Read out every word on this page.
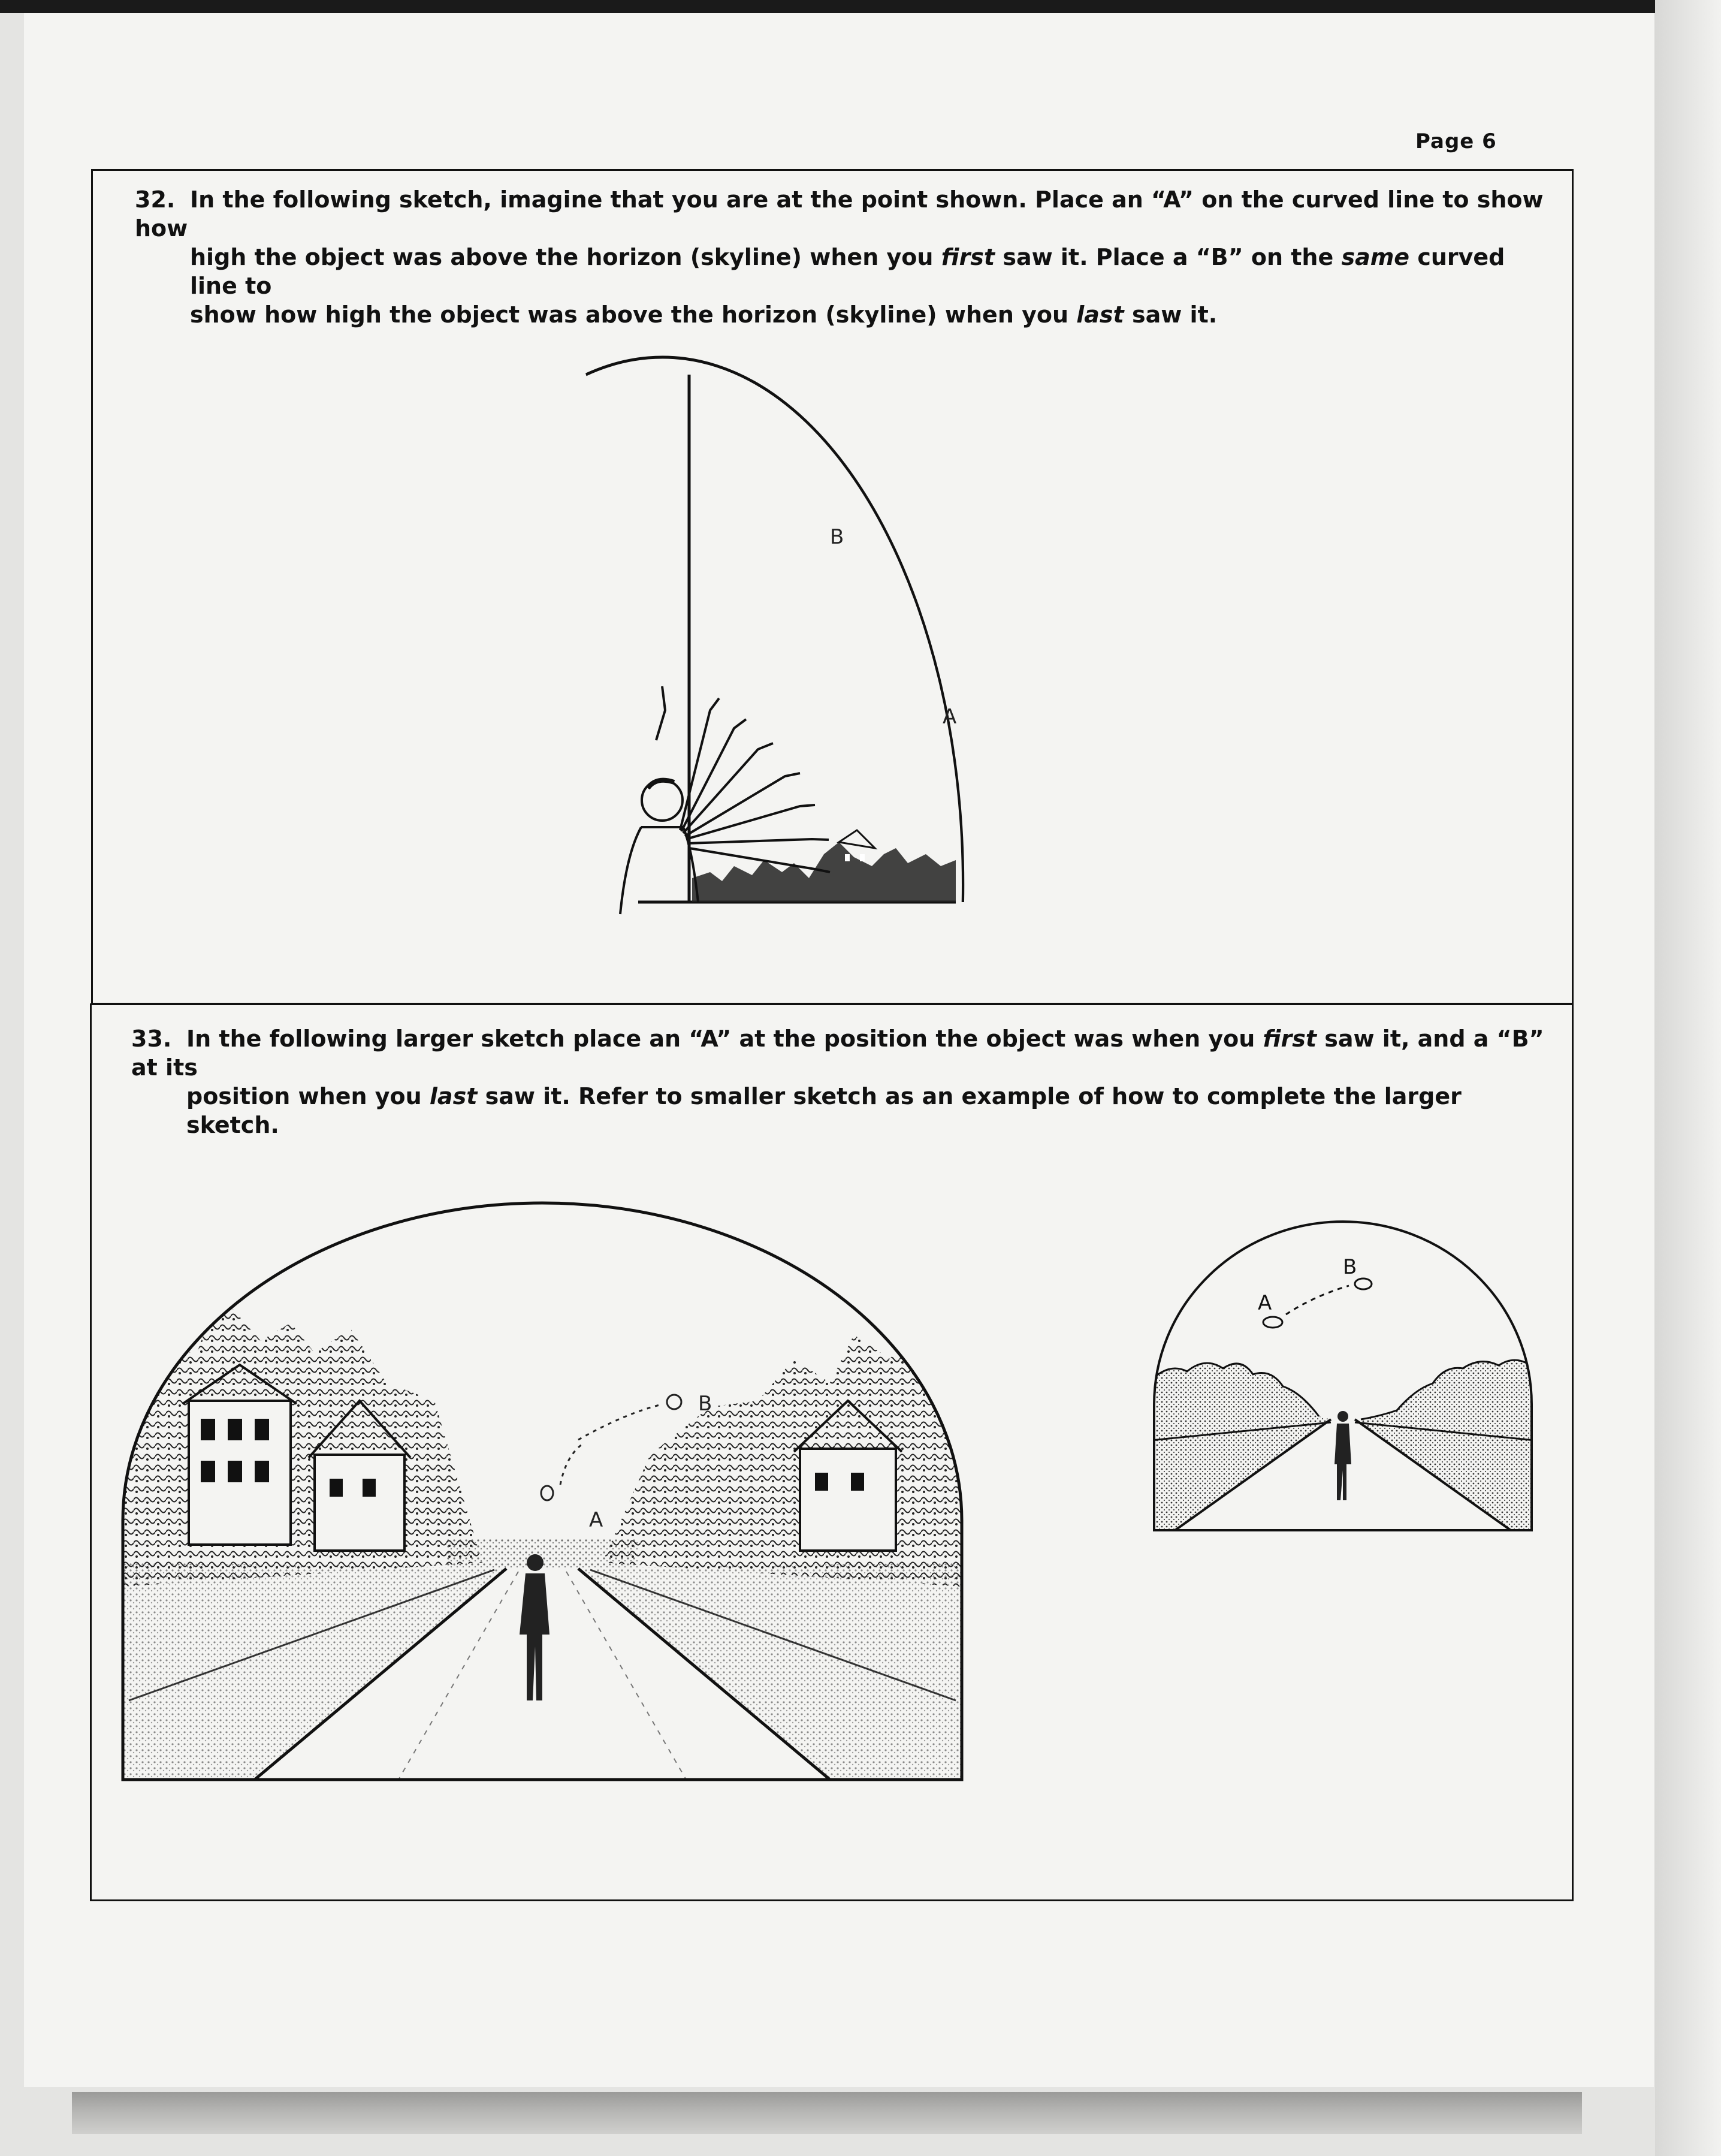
Page 6
32. In the following sketch, imagine that you are at the point shown. Place an “A” on the curved line to show how
high the object was above the horizon (skyline) when you first saw it. Place a “B” on the same curved line to
show how high the object was above the horizon (skyline) when you last saw it.
B
A
33. In the following larger sketch place an “A” at the position the object was when you first saw it, and a “B” at its
position when you last saw it. Refer to smaller sketch as an example of how to complete the larger sketch.
B
A
A
B
